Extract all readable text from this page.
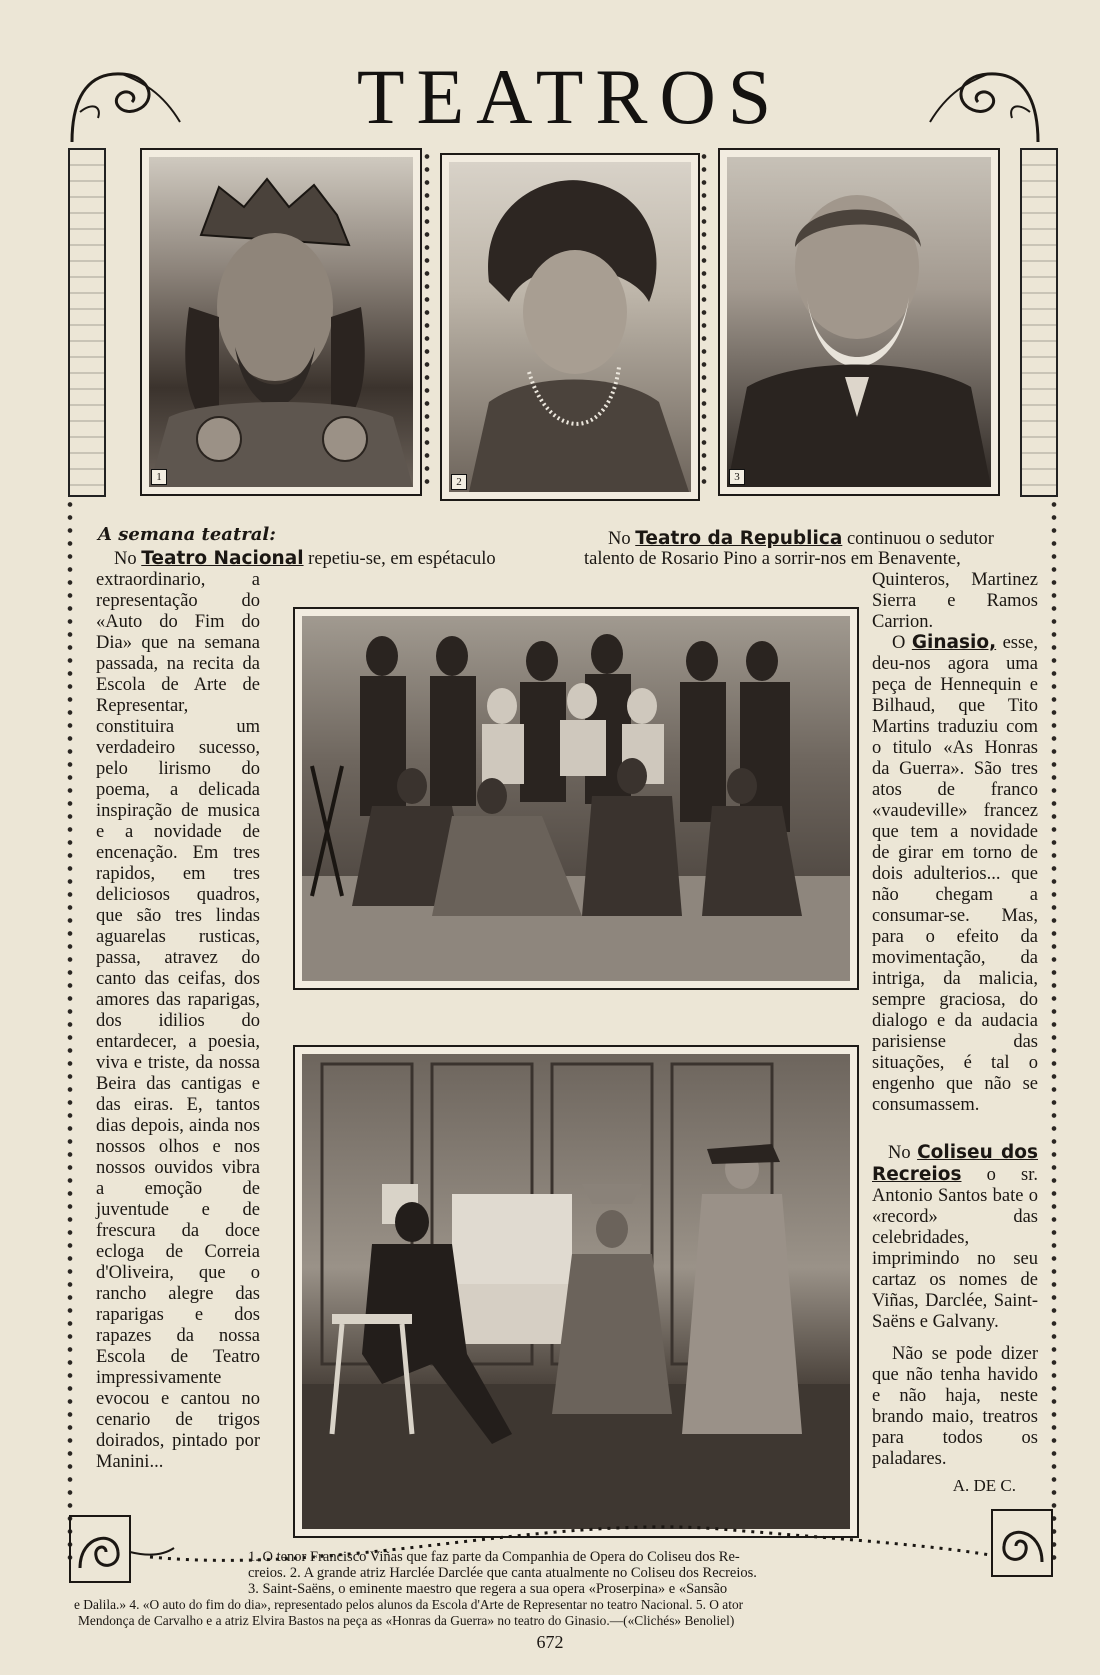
TEATROS
1	2	3
A semana teatral:
No Teatro Nacional repetiu-se, em espétaculo
extraordinario, a representação do «Auto do Fim do Dia» que na semana passada, na recita da Escola de Arte de Representar, constituira um verdadeiro sucesso, pelo lirismo do poema, a delicada inspiração de musica e a novidade de encenação. Em tres rapidos, em tres deliciosos quadros, que são tres lindas aguarelas rusticas, passa, atravez do canto das ceifas, dos amores das raparigas, dos idilios do entardecer, a poesia, viva e triste, da nossa Beira das cantigas e das eiras. E, tantos dias depois, ainda nos nossos olhos e nos nossos ouvidos vibra a emoção de juventude e de frescura da doce ecloga de Correia d'Oliveira, que o rancho alegre das raparigas e dos rapazes da nossa Escola de Teatro impressivamente evocou e cantou no cenario de trigos doirados, pintado por Manini...
No Teatro da Republica continuou o sedutor
talento de Rosario Pino a sorrir-nos em Benavente,
Quinteros, Martinez Sierra e Ramos Carrion.
O Ginasio, esse, deu-nos agora uma peça de Hennequin e Bilhaud, que Tito Martins traduziu com o titulo «As Honras da Guerra». São tres atos de franco «vaudeville» francez que tem a novidade de girar em torno de dois adulterios... que não chegam a consumar-se. Mas, para o efeito da movimentação, da intriga, da malicia, sempre graciosa, do dialogo e da audacia parisiense das situações, é tal o engenho que não se consumassem.
No Coliseu dos Recreios o sr. Antonio Santos bate o «record» das celebridades, imprimindo no seu cartaz os nomes de Viñas, Darclée, Saint-Saëns e Galvany.
Não se pode dizer que não tenha havido e não haja, neste brando maio, treatros para todos os paladares.
A. DE C.
1. O tenor Francisco Viñas que faz parte da Companhia de Opera do Coliseu dos Re-
creios. 2. A grande atriz Harclée Darclée que canta atualmente no Coliseu dos Recreios.
3. Saint-Saëns, o eminente maestro que regera a sua opera «Proserpina» e «Sansão
e Dalila.» 4. «O auto do fim do dia», representado pelos alunos da Escola d'Arte de Representar no teatro Nacional. 5. O ator
Mendonça de Carvalho e a atriz Elvira Bastos na peça as «Honras da Guerra» no teatro do Ginasio.—(«Clichés» Benoliel)
672
